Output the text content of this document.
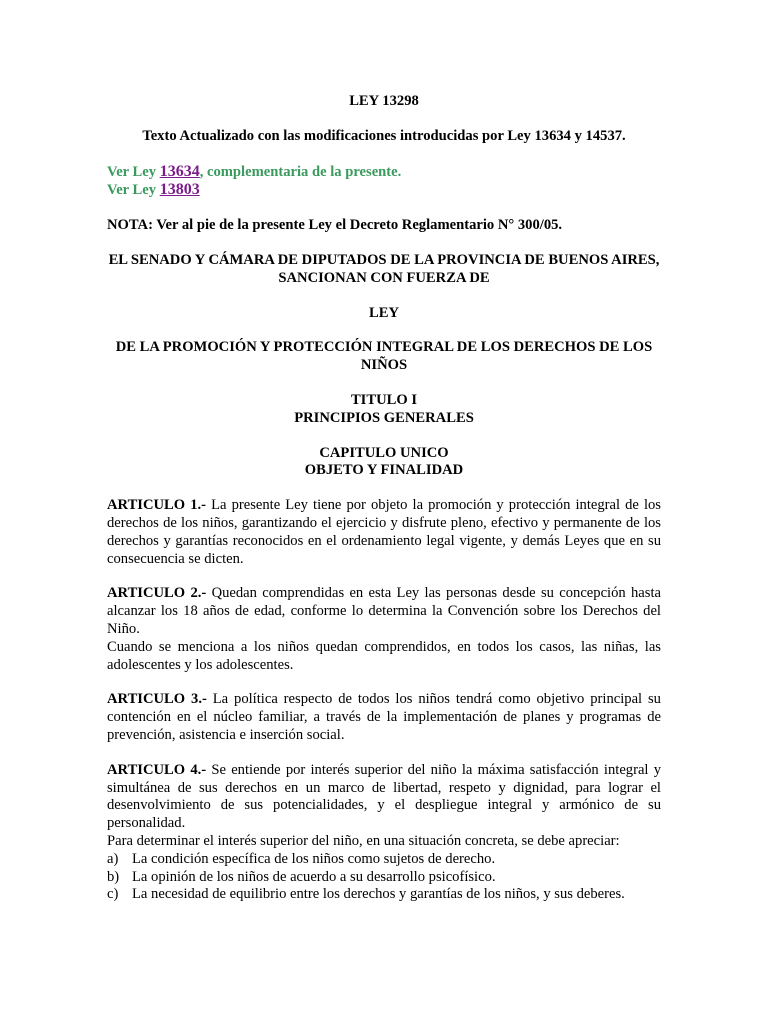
LEY 13298

Texto Actualizado con las modificaciones introducidas por Ley 13634 y 14537.

Ver Ley 13634, complementaria de la presente.

Ver Ley 13803

NOTA: Ver al pie de la presente Ley el Decreto Reglamentario N° 300/05.

EL SENADO Y CÁMARA DE DIPUTADOS DE LA PROVINCIA DE BUENOS AIRES, SANCIONAN CON FUERZA DE

LEY

DE LA PROMOCIÓN Y PROTECCIÓN INTEGRAL DE LOS DERECHOS DE LOS NIÑOS

TITULO I

PRINCIPIOS GENERALES

CAPITULO UNICO

OBJETO Y FINALIDAD

ARTICULO 1.- La presente Ley tiene por objeto la promoción y protección integral de los derechos de los niños, garantizando el ejercicio y disfrute pleno, efectivo y permanente de los derechos y garantías reconocidos en el ordenamiento legal vigente, y demás Leyes que en su consecuencia se dicten.

ARTICULO 2.- Quedan comprendidas en esta Ley las personas desde su concepción hasta alcanzar los 18 años de edad, conforme lo determina la Convención sobre los Derechos del Niño.

Cuando se menciona a los niños quedan comprendidos, en todos los casos, las niñas, las adolescentes y los adolescentes.

ARTICULO 3.- La política respecto de todos los niños tendrá como objetivo principal su contención en el núcleo familiar, a través de la implementación de planes y programas de prevención, asistencia e inserción social.

ARTICULO 4.- Se entiende por interés superior del niño la máxima satisfacción integral y simultánea de sus derechos en un marco de libertad, respeto y dignidad, para lograr el desenvolvimiento de sus potencialidades, y el despliegue integral y armónico de su personalidad.

Para determinar el interés superior del niño, en una situación concreta, se debe apreciar:

a) La condición específica de los niños como sujetos de derecho.
b) La opinión de los niños de acuerdo a su desarrollo psicofísico.
c) La necesidad de equilibrio entre los derechos y garantías de los niños, y sus deberes.
